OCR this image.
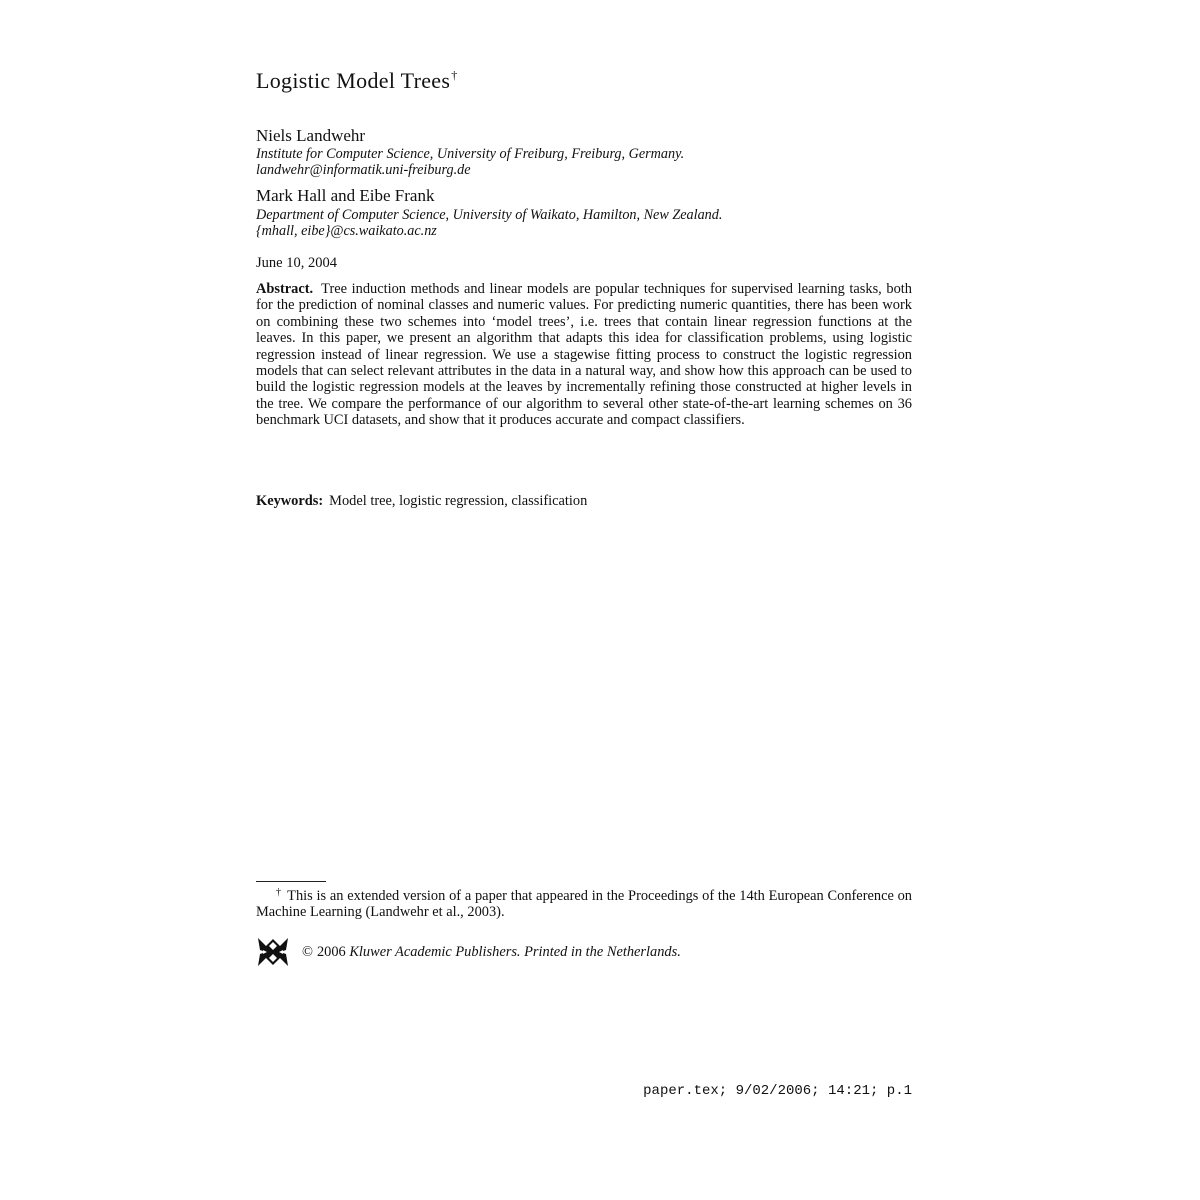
Logistic Model Trees†
Niels Landwehr
Institute for Computer Science, University of Freiburg, Freiburg, Germany.
landwehr@informatik.uni-freiburg.de
Mark Hall and Eibe Frank
Department of Computer Science, University of Waikato, Hamilton, New Zealand.
{mhall, eibe}@cs.waikato.ac.nz
June 10, 2004
Abstract. Tree induction methods and linear models are popular techniques for supervised learning tasks, both for the prediction of nominal classes and numeric values. For predicting numeric quantities, there has been work on combining these two schemes into ‘model trees’, i.e. trees that contain linear regression functions at the leaves. In this paper, we present an algorithm that adapts this idea for classification problems, using logistic regression instead of linear regression. We use a stagewise fitting process to construct the logistic regression models that can select relevant attributes in the data in a natural way, and show how this approach can be used to build the logistic regression models at the leaves by incrementally refining those constructed at higher levels in the tree. We compare the performance of our algorithm to several other state-of-the-art learning schemes on 36 benchmark UCI datasets, and show that it produces accurate and compact classifiers.
Keywords: Model tree, logistic regression, classification
† This is an extended version of a paper that appeared in the Proceedings of the 14th European Conference on Machine Learning (Landwehr et al., 2003).
© 2006 Kluwer Academic Publishers. Printed in the Netherlands.
paper.tex; 9/02/2006; 14:21; p.1
